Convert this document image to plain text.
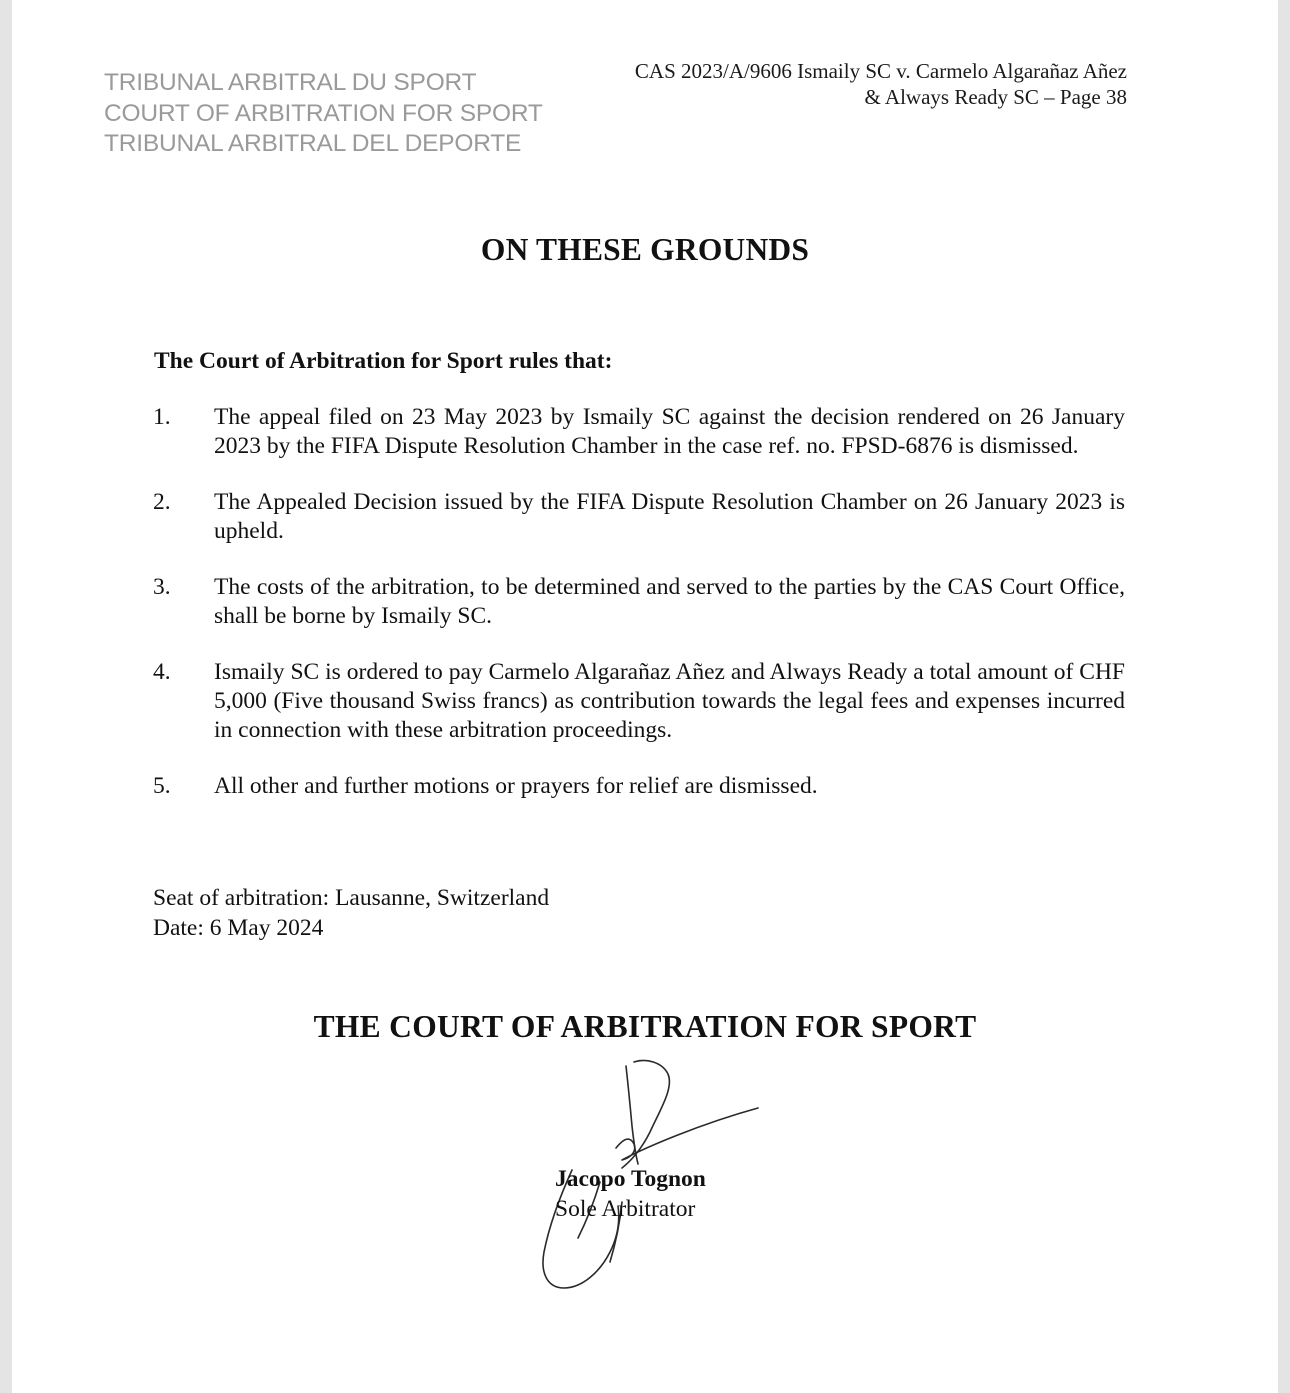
TRIBUNAL ARBITRAL DU SPORT
COURT OF ARBITRATION FOR SPORT
TRIBUNAL ARBITRAL DEL DEPORTE
CAS 2023/A/9606 Ismaily SC v. Carmelo Algarañaz Añez
& Always Ready SC – Page 38
ON THESE GROUNDS
The Court of Arbitration for Sport rules that:
1. The appeal filed on 23 May 2023 by Ismaily SC against the decision rendered on 26 January 2023 by the FIFA Dispute Resolution Chamber in the case ref. no. FPSD-6876 is dismissed.
2. The Appealed Decision issued by the FIFA Dispute Resolution Chamber on 26 January 2023 is upheld.
3. The costs of the arbitration, to be determined and served to the parties by the CAS Court Office, shall be borne by Ismaily SC.
4. Ismaily SC is ordered to pay Carmelo Algarañaz Añez and Always Ready a total amount of CHF 5,000 (Five thousand Swiss francs) as contribution towards the legal fees and expenses incurred in connection with these arbitration proceedings.
5. All other and further motions or prayers for relief are dismissed.
Seat of arbitration: Lausanne, Switzerland
Date: 6 May 2024
THE COURT OF ARBITRATION FOR SPORT
Jacopo Tognon
Sole Arbitrator
